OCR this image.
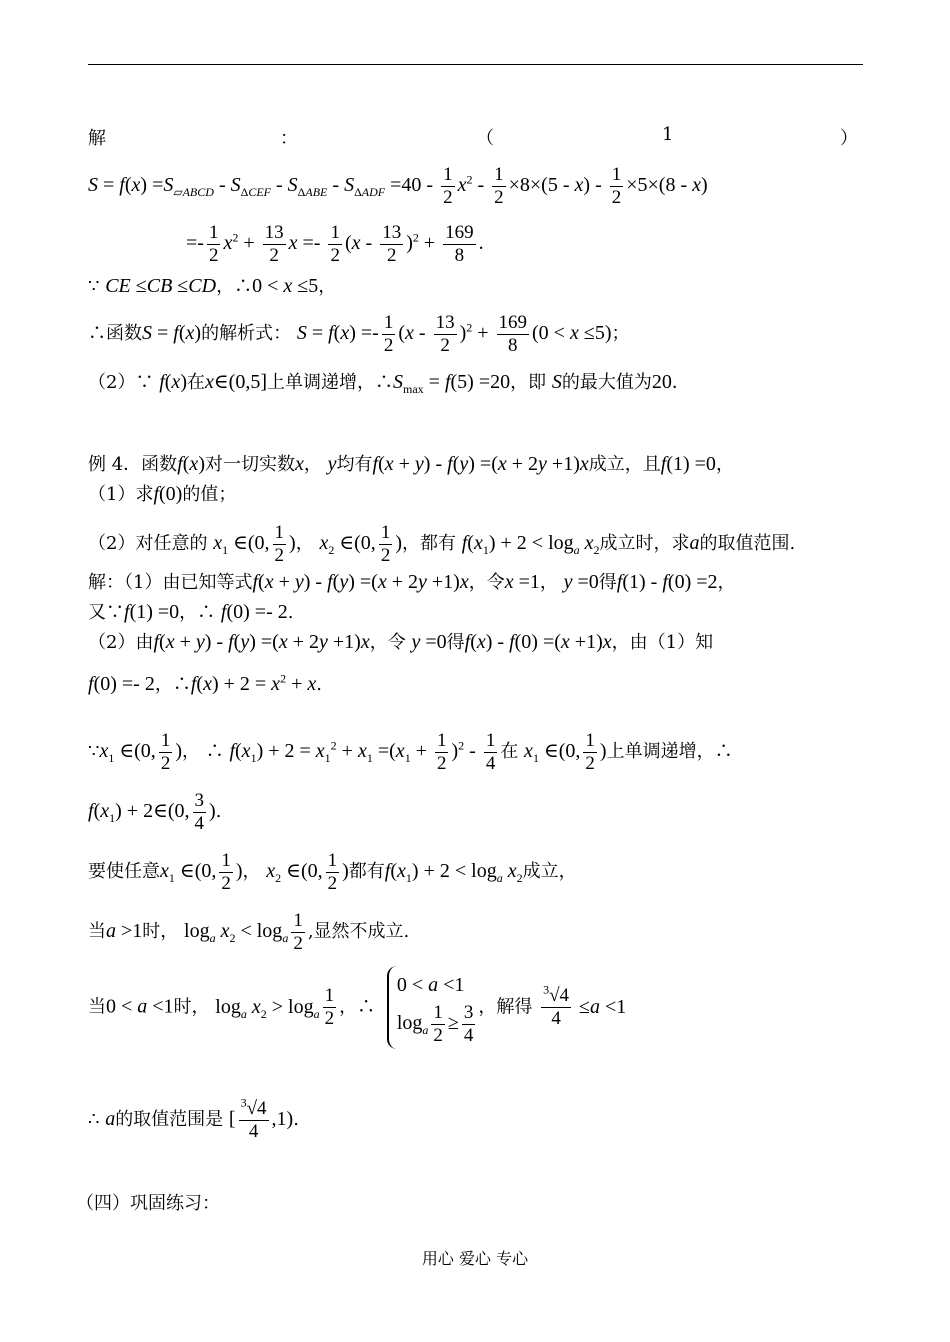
解	：	（	1	）
$S = f(x) =S_{▱ABCD} - S_{\Delta CEF} - S_{\Delta ABE} - S_{\Delta ADF} =40 - \frac{1}{2} x^2 - \frac{1}{2} \times 8\times(5 - x) - \frac{1}{2} \times 5\times(8 - x)$
=- $\frac{1}{2} x^2 + \frac{13}{2}$ $x =- \frac{1}{2} (x - \frac{13}{2} )^2 + \frac{169}{8}$ .
∵ CE ≤CB ≤CD，∴0 < x ≤5，
∴函数S = f(x)的解析式： $S = f(x) =- \frac{1}{2} (x - \frac{13}{2} )^2 + \frac{169}{8} (0 < x \le 5)$；
（2）∵ f(x)在x∈(0,5]上单调递增，$\therefore S_{max} = f(5) =20$，即 S的最大值为20．
例 4．函数f(x)对一切实数x， y均有f(x + y) - f(y) =(x + 2y +1)x成立，且f(1) =0，
（1）求f(0)的值；
（2）对任意的 $x_1$ ∈(0, $\frac{1}{2}$ )， $x_2$ ∈(0, $\frac{1}{2}$ )，都有 $f(x_1) + 2 < \log_a x_2$成立时，求a的取值范围.
解：（1）由已知等式f(x + y) - f(y) =(x + 2y +1)x，令x =1， y =0得f(1) - f(0) =2，
又∵f(1) =0，∴ f(0) =- 2.
（2）由f(x + y) - f(y) =(x + 2y +1)x，令 y =0得f(x) - f(0) =(x +1)x，由（1）知
f(0) =- 2，∴f(x) + $2 = x^2 + x$.
$\because x_1$ ∈(0, $\frac{1}{2}$ )， ∴ $f(x_1) + 2 = x_1^2 + x_1 =(x_1 + \frac{1}{2} )^2 - \frac{1}{4}$ 在 $x_1$ ∈(0, $\frac{1}{2}$ )上单调递增，∴
$f(x_1)$ + 2∈(0, $\frac{3}{4}$ ).
要使任意$x_1$ ∈(0, $\frac{1}{2}$ )， $x_2$ ∈(0, $\frac{1}{2}$ )都有$f(x_1) + 2 < \log_a x_2$成立，
当a >1时， $\log_a x_2 < \log_a \frac{1}{2}$ ,显然不成立.
当0 < a <1时， $\log_a x_2 > \log_a \frac{1}{2}$ ，∴
0 < a <1
$\log_a \frac{1}{2} \ge \frac{3}{4}$ ，解得 $\frac{^3√4}{4} \le a <1$
∴ a的取值范围是 [ $\frac{^3√4}{4} ,1$).
（四）巩固练习：
用心 爱心 专心
